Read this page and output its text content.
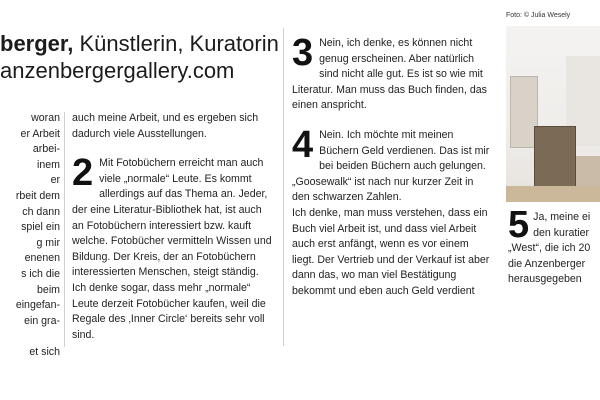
berger, Künstlerin, Kuratorin
anzenbergergallery.com
woran
er Arbeit
arbei-
inem
er
rbeit dem
ch dann
spiel ein
g mir
enenen
s ich die
beim
eingefan-
ein gra-

et sich

auch meine Arbeit, und es ergeben sich dadurch viele Ausstellungen.

2 Mit Fotobüchern erreicht man auch viele „normale“ Leute. Es kommt allerdings auf das Thema an. Jeder, der eine Literatur-Bibliothek hat, ist auch an Fotobüchern interessiert bzw. kauft welche. Fotobücher vermitteln Wissen und Bildung. Der Kreis, der an Fotobüchern interessierten Menschen, steigt ständig. Ich denke sogar, dass mehr „normale“ Leute derzeit Fotobücher kaufen, weil die Regale des ‚Inner Circle‘ bereits sehr voll sind.

3 Nein, ich denke, es können nicht genug erscheinen. Aber natürlich sind nicht alle gut. Es ist so wie mit Literatur. Man muss das Buch finden, das einen anspricht.

4 Nein. Ich möchte mit meinen Büchern Geld verdienen. Das ist mir bei beiden Büchern auch gelungen. „Goosewalk“ ist nach nur kurzer Zeit in den schwarzen Zahlen.

Ich denke, man muss verstehen, dass ein Buch viel Arbeit ist, und dass viel Arbeit auch erst anfängt, wenn es vor einem liegt. Der Vertrieb und der Verkauf ist aber dann das, wo man viel Bestätigung bekommt und eben auch Geld verdient

Foto: © Julia Wesely
5 Ja, meine ei
den kuratier
„West“, die ich 20
die Anzenberger
herausgegeben
